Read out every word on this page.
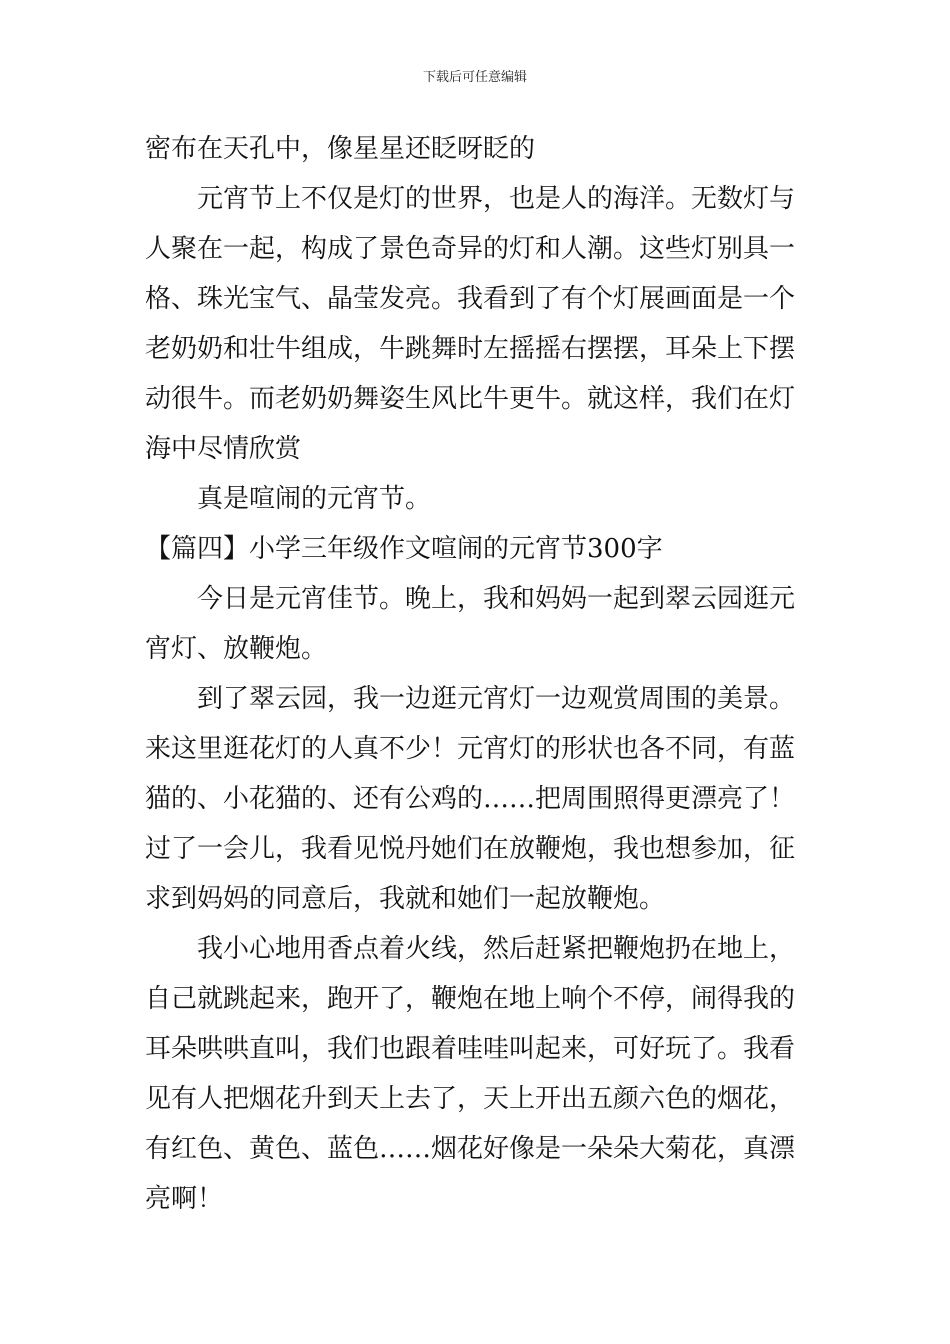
下载后可任意编辑
密布在天孔中，像星星还眨呀眨的
元宵节上不仅是灯的世界，也是人的海洋。无数灯与
人聚在一起，构成了景色奇异的灯和人潮。这些灯别具一
格、珠光宝气、晶莹发亮。我看到了有个灯展画面是一个
老奶奶和壮牛组成，牛跳舞时左摇摇右摆摆，耳朵上下摆
动很牛。而老奶奶舞姿生风比牛更牛。就这样，我们在灯
海中尽情欣赏
真是喧闹的元宵节。
【篇四】小学三年级作文喧闹的元宵节300字
今日是元宵佳节。晚上，我和妈妈一起到翠云园逛元
宵灯、放鞭炮。
到了翠云园，我一边逛元宵灯一边观赏周围的美景。
来这里逛花灯的人真不少！元宵灯的形状也各不同，有蓝
猫的、小花猫的、还有公鸡的……把周围照得更漂亮了！
过了一会儿，我看见悦丹她们在放鞭炮，我也想参加，征
求到妈妈的同意后，我就和她们一起放鞭炮。
我小心地用香点着火线，然后赶紧把鞭炮扔在地上，
自己就跳起来，跑开了，鞭炮在地上响个不停，闹得我的
耳朵哄哄直叫，我们也跟着哇哇叫起来，可好玩了。我看
见有人把烟花升到天上去了，天上开出五颜六色的烟花，
有红色、黄色、蓝色……烟花好像是一朵朵大菊花，真漂
亮啊！
